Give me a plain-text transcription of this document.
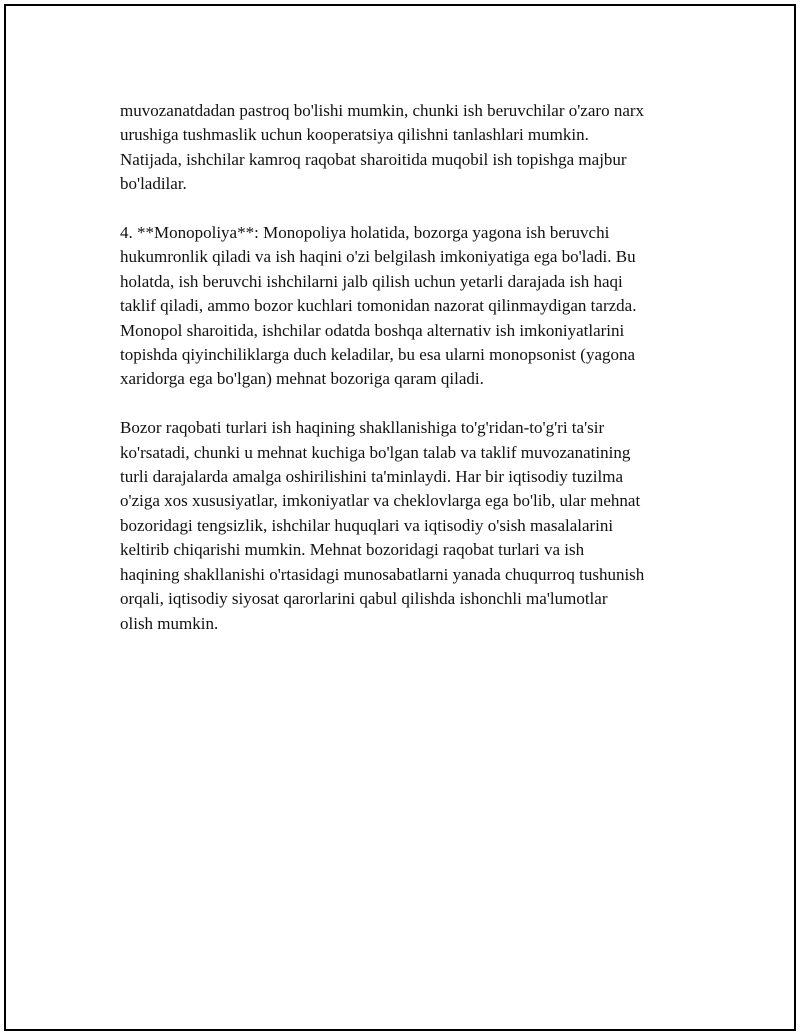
muvozanatdadan pastroq bo'lishi mumkin, chunki ish beruvchilar o'zaro narx
urushiga tushmaslik uchun kooperatsiya qilishni tanlashlari mumkin.
Natijada, ishchilar kamroq raqobat sharoitida muqobil ish topishga majbur
bo'ladilar.

4. **Monopoliya**: Monopoliya holatida, bozorga yagona ish beruvchi
hukumronlik qiladi va ish haqini o'zi belgilash imkoniyatiga ega bo'ladi. Bu
holatda, ish beruvchi ishchilarni jalb qilish uchun yetarli darajada ish haqi
taklif qiladi, ammo bozor kuchlari tomonidan nazorat qilinmaydigan tarzda.
Monopol sharoitida, ishchilar odatda boshqa alternativ ish imkoniyatlarini
topishda qiyinchiliklarga duch keladilar, bu esa ularni monopsonist (yagona
xaridorga ega bo'lgan) mehnat bozoriga qaram qiladi.

Bozor raqobati turlari ish haqining shakllanishiga to'g'ridan-to'g'ri ta'sir
ko'rsatadi, chunki u mehnat kuchiga bo'lgan talab va taklif muvozanatining
turli darajalarda amalga oshirilishini ta'minlaydi. Har bir iqtisodiy tuzilma
o'ziga xos xususiyatlar, imkoniyatlar va cheklovlarga ega bo'lib, ular mehnat
bozoridagi tengsizlik, ishchilar huquqlari va iqtisodiy o'sish masalalarini
keltirib chiqarishi mumkin. Mehnat bozoridagi raqobat turlari va ish
haqining shakllanishi o'rtasidagi munosabatlarni yanada chuqurroq tushunish
orqali, iqtisodiy siyosat qarorlarini qabul qilishda ishonchli ma'lumotlar
olish mumkin.
